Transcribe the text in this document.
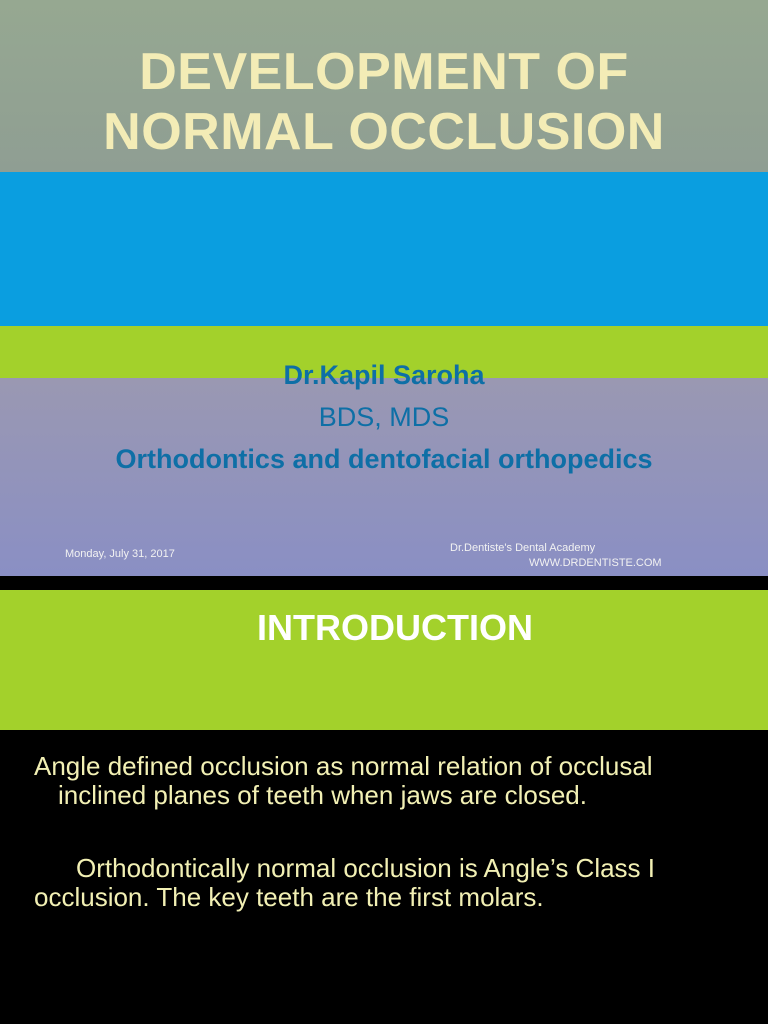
DEVELOPMENT OF
NORMAL OCCLUSION
Dr.Kapil Saroha
BDS, MDS
Orthodontics and dentofacial orthopedics
Monday, July 31, 2017	Dr.Dentiste's Dental Academy
WWW.DRDENTISTE.COM
INTRODUCTION

Angle defined occlusion as normal relation of occlusal inclined planes of teeth when jaws are closed.

Orthodontically normal occlusion is Angle’s Class I occlusion. The key teeth are the first molars.
